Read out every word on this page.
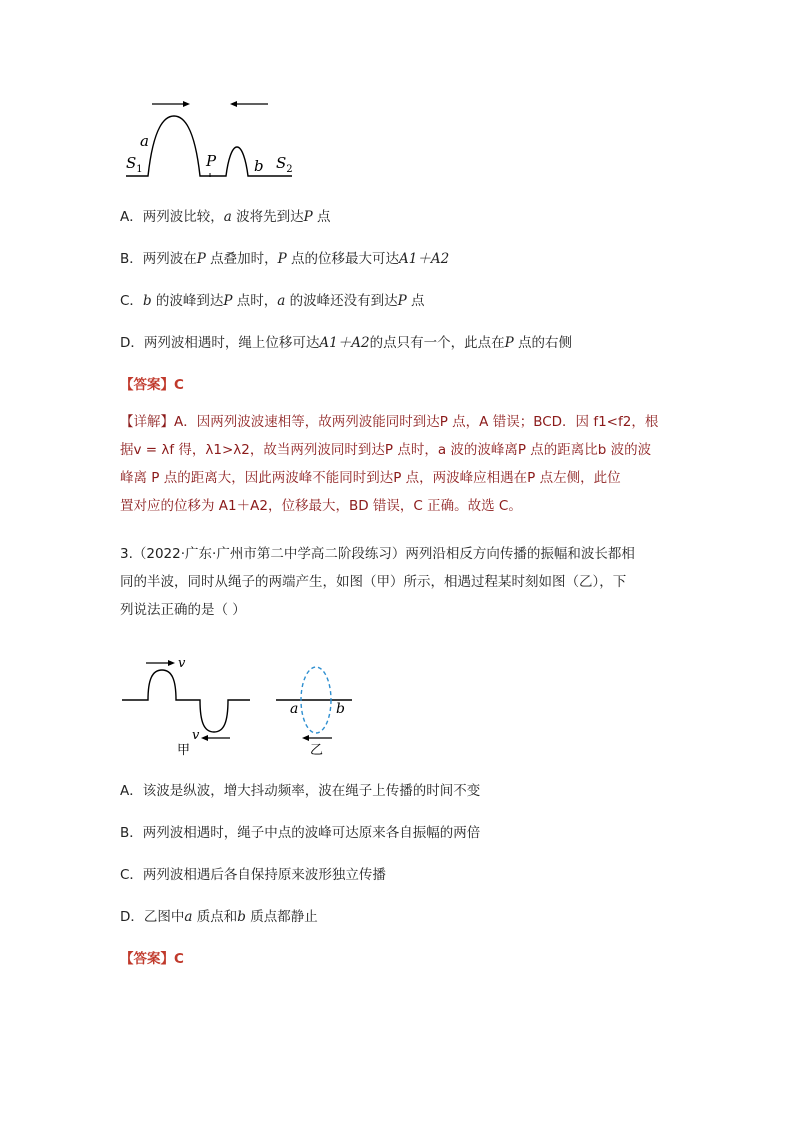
a
$S_1$	P	b $S_2$
A．两列波比较，a 波将先到达P 点
B．两列波在P 点叠加时，P 点的位移最大可达A1＋A2
C．b 的波峰到达P 点时，a 的波峰还没有到达P 点
D．两列波相遇时，绳上位移可达A1＋A2的点只有一个，此点在P 点的右侧
【答案】C
【详解】A．因两列波波速相等，故两列波能同时到达P 点，A 错误；BCD．因 f1<f2，根
据v = λf 得，λ1>λ2，故当两列波同时到达P 点时，a 波的波峰离P 点的距离比b 波的波
峰离 P 点的距离大，因此两波峰不能同时到达P 点，两波峰应相遇在P 点左侧，此位
置对应的位移为 A1＋A2，位移最大，BD 错误，C 正确。故选 C。
3.（2022·广东·广州市第二中学高二阶段练习）两列沿相反方向传播的振幅和波长都相
同的半波，同时从绳子的两端产生，如图（甲）所示，相遇过程某时刻如图（乙），下
列说法正确的是（ ）
v
v
甲
a	b
乙
A．该波是纵波，增大抖动频率，波在绳子上传播的时间不变
B．两列波相遇时，绳子中点的波峰可达原来各自振幅的两倍
C．两列波相遇后各自保持原来波形独立传播
D．乙图中a 质点和b 质点都静止
【答案】C
